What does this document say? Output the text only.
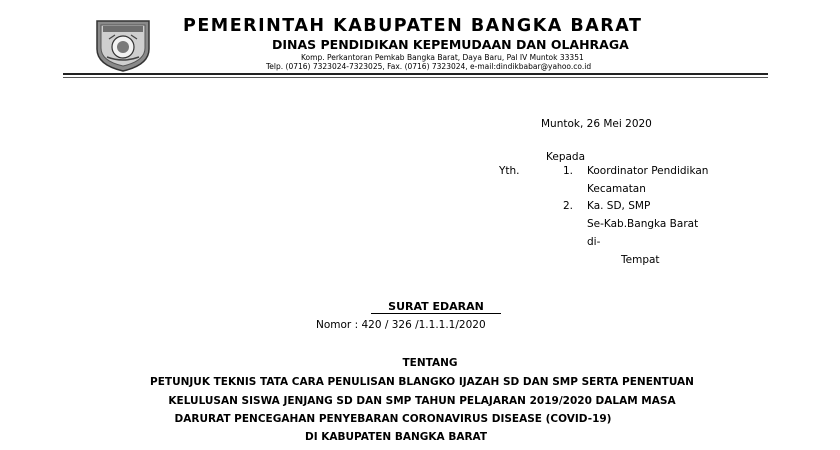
PEMERINTAH KABUPATEN BANGKA BARAT
DINAS PENDIDIKAN KEPEMUDAAN DAN OLAHRAGA
Komp. Perkantoran Pemkab Bangka Barat, Daya Baru, Pal IV Muntok 33351
Telp. (0716) 7323024-7323025, Fax. (0716) 7323024, e-mail:dindikbabar@yahoo.co.id
Muntok, 26 Mei 2020
Kepada
Yth.	1. Koordinator Pendidikan
Kecamatan
2. Ka. SD, SMP
Se-Kab.Bangka Barat
di-
Tempat
SURAT EDARAN
Nomor : 420 / 326 /1.1.1.1/2020
TENTANG
PETUNJUK TEKNIS TATA CARA PENULISAN BLANGKO IJAZAH SD DAN SMP SERTA PENENTUAN
KELULUSAN SISWA JENJANG SD DAN SMP TAHUN PELAJARAN 2019/2020 DALAM MASA
DARURAT PENCEGAHAN PENYEBARAN CORONAVIRUS DISEASE (COVID-19)
DI KABUPATEN BANGKA BARAT
